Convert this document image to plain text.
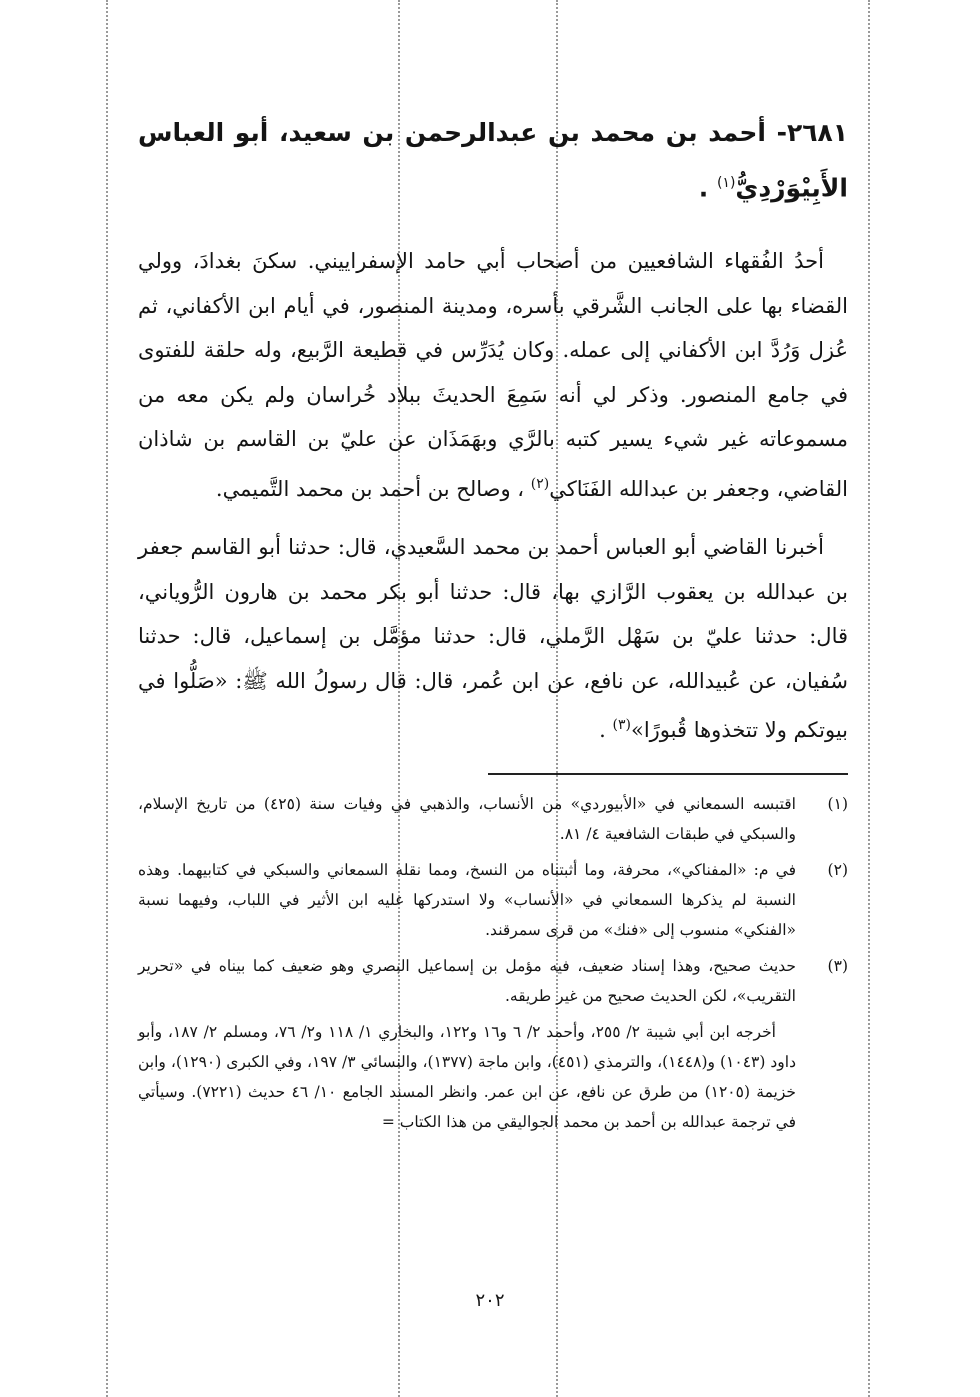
٢٦٨١- أحمد بن محمد بن عبدالرحمن بن سعيد، أبو العباس الأَبِيْوَرْدِيُّ$^{(١)}$ .

أحدُ الفُقهاء الشافعيين من أصحاب أبي حامد الإسفراييني. سكنَ بغدادَ، وولي القضاء بها على الجانب الشَّرقي بأسره، ومدينة المنصور، في أيام ابن الأكفاني، ثم عُزل وَرُدَّ ابن الأكفاني إلى عمله. وكان يُدَرِّس في قطيعة الرَّبيع، وله حلقة للفتوى في جامع المنصور. وذكر لي أنه سَمِعَ الحديثَ ببلاد خُراسان ولم يكن معه من مسموعاته غير شيء يسير كتبه بالرَّي وبهَمَذَان عن عليّ بن القاسم بن شاذان القاضي، وجعفر بن عبدالله الفَنَاكي$^{(٢)}$ ، وصالح بن أحمد بن محمد التَّميمي.

أخبرنا القاضي أبو العباس أحمد بن محمد السَّعيدي، قال: حدثنا أبو القاسم جعفر بن عبدالله بن يعقوب الرَّازي بها، قال: حدثنا أبو بكر محمد بن هارون الرُّوياني، قال: حدثنا عليّ بن سَهْل الرَّملي، قال: حدثنا مؤمَّل بن إسماعيل، قال: حدثنا سُفيان، عن عُبيدالله، عن نافع، عن ابن عُمر، قال: قال رسولُ الله ﷺ: «صَلُّوا في بيوتكم ولا تتخذوها قُبورًا»$^{(٣)}$ .

(١)
اقتبسه السمعاني في «الأبيوردي» من الأنساب، والذهبي في وفيات سنة (٤٢٥) من تاريخ الإسلام، والسبكي في طبقات الشافعية ٤/ ٨١.
(٢)
في م: «المفناكي»، محرفة، وما أثبتناه من النسخ، ومما نقله السمعاني والسبكي في كتابيهما. وهذه النسبة لم يذكرها السمعاني في «الأنساب» ولا استدركها عليه ابن الأثير في اللباب، وفيهما نسبة «الفنكي» منسوب إلى «فنك» من قرى سمرقند.
(٣)
حديث صحيح، وهذا إسناد ضعيف، فيه مؤمل بن إسماعيل البصري وهو ضعيف كما بيناه في «تحرير التقريب»، لكن الحديث صحيح من غير طريقه.

أخرجه ابن أبي شيبة ٢/ ٢٥٥، وأحمد ٢/ ٦ و١٦ و١٢٢، والبخاري ١/ ١١٨ و٢/ ٧٦، ومسلم ٢/ ١٨٧، وأبو داود (١٠٤٣) و(١٤٤٨)، والترمذي (٤٥١)، وابن ماجة (١٣٧٧)، والنسائي ٣/ ١٩٧، وفي الكبرى (١٢٩٠)، وابن خزيمة (١٢٠٥) من طرق عن نافع، عن ابن عمر. وانظر المسند الجامع ١٠/ ٤٦ حديث (٧٢٢١). وسيأتي في ترجمة عبدالله بن أحمد بن محمد الجواليقي من هذا الكتاب =

٢٠٢
